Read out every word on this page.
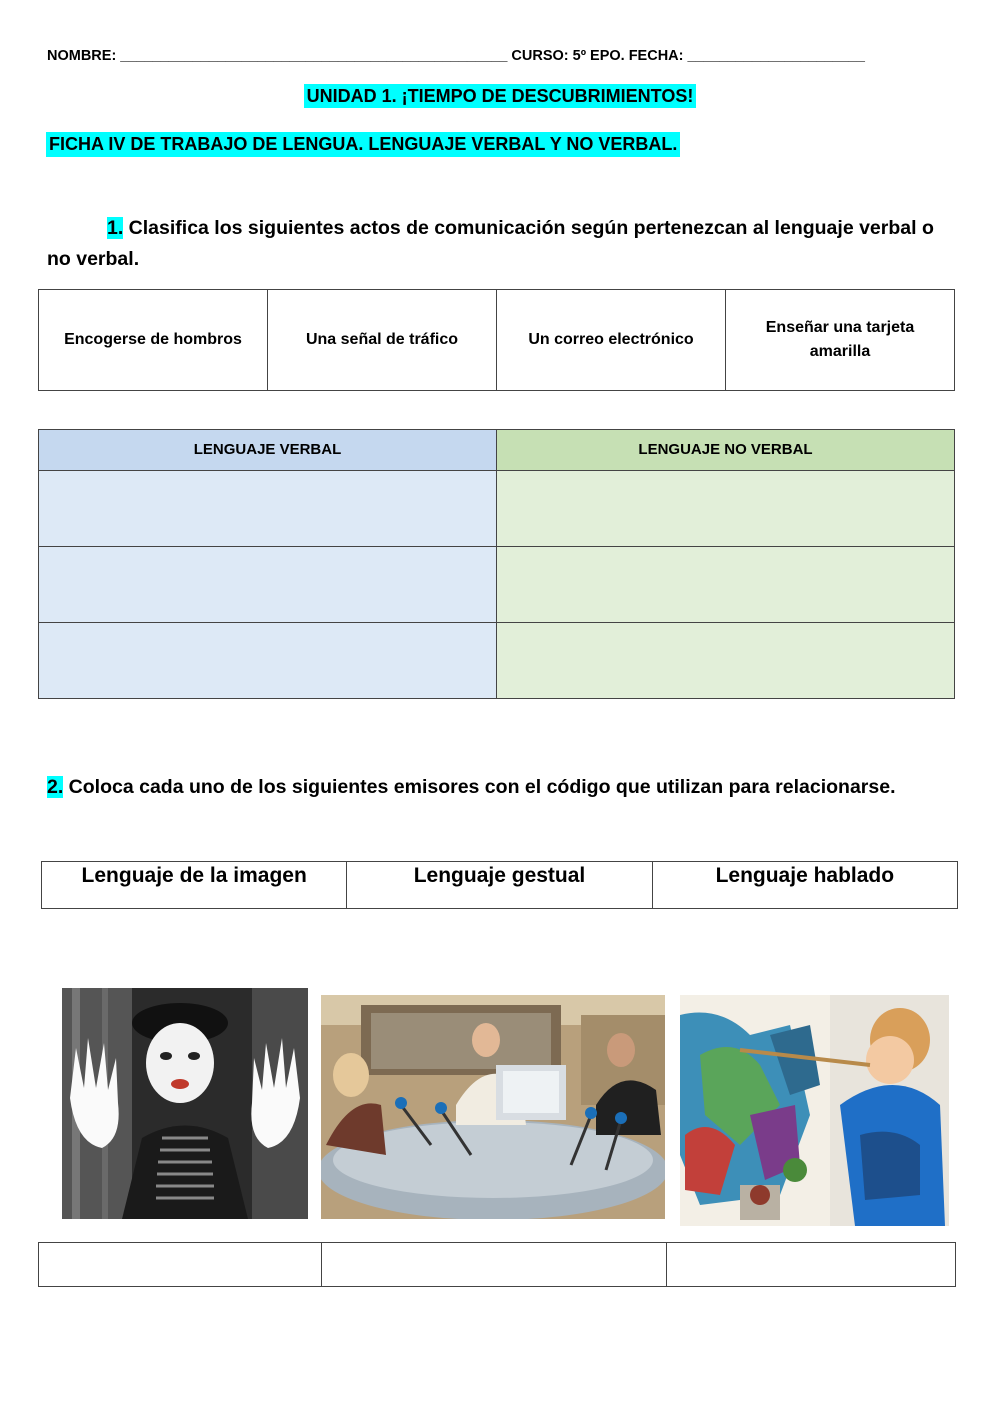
NOMBRE: ________________________________________________ CURSO: 5º EPO. FECHA: ______________________
UNIDAD 1. ¡TIEMPO DE DESCUBRIMIENTOS!
FICHA IV DE TRABAJO DE LENGUA. LENGUAJE VERBAL Y NO VERBAL.
1. Clasifica los siguientes actos de comunicación según pertenezcan al lenguaje verbal o no verbal.
Encogerse de hombros	Una señal de tráfico	Un correo electrónico	Enseñar una tarjeta amarilla
LENGUAJE VERBAL	LENGUAJE NO VERBAL

2. Coloca cada uno de los siguientes emisores con el código que utilizan para relacionarse.
Lenguaje de la imagen	Lenguaje gestual	Lenguaje hablado
